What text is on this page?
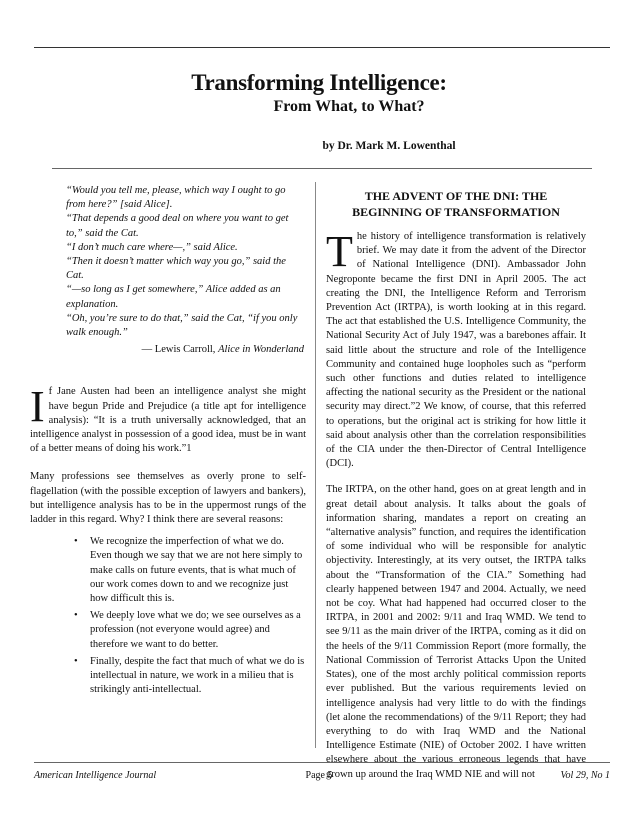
Transforming Intelligence:
From What, to What?
by Dr. Mark M. Lowenthal
“Would you tell me, please, which way I ought to go from here?” [said Alice].
“That depends a good deal on where you want to get to,” said the Cat.
“I don’t much care where—,” said Alice.
“Then it doesn’t matter which way you go,” said the Cat.
“—so long as I get somewhere,” Alice added as an explanation.
“Oh, you’re sure to do that,” said the Cat, “if you only walk enough.”
— Lewis Carroll, Alice in Wonderland

If Jane Austen had been an intelligence analyst she might have begun Pride and Prejudice (a title apt for intelligence analysis): “It is a truth universally acknowledged, that an intelligence analyst in possession of a good idea, must be in want of a better means of doing his work.”1

Many professions see themselves as overly prone to self-flagellation (with the possible exception of lawyers and bankers), but intelligence analysis has to be in the uppermost rungs of the ladder in this regard. Why? I think there are several reasons:

• We recognize the imperfection of what we do. Even though we say that we are not here simply to make calls on future events, that is what much of our work comes down to and we recognize just how difficult this is.
• We deeply love what we do; we see ourselves as a profession (not everyone would agree) and therefore we want to do better.
• Finally, despite the fact that much of what we do is intellectual in nature, we work in a milieu that is strikingly anti-intellectual.
THE ADVENT OF THE DNI: THE
BEGINNING OF TRANSFORMATION

The history of intelligence transformation is relatively brief. We may date it from the advent of the Director of National Intelligence (DNI). Ambassador John Negroponte became the first DNI in April 2005. The act creating the DNI, the Intelligence Reform and Terrorism Prevention Act (IRTPA), is worth looking at in this regard. The act that established the U.S. Intelligence Community, the National Security Act of July 1947, was a barebones affair. It said little about the structure and role of the Intelligence Community and contained huge loopholes such as “perform such other functions and duties related to intelligence affecting the national security as the President or the national security may direct.”2 We know, of course, that this referred to operations, but the original act is striking for how little it said about analysis other than the correlation responsibilities of the CIA under the then-Director of Central Intelligence (DCI).

The IRTPA, on the other hand, goes on at great length and in great detail about analysis. It talks about the goals of information sharing, mandates a report on creating an “alternative analysis” function, and requires the identification of some individual who will be responsible for analytic objectivity. Interestingly, at its very outset, the IRTPA talks about the “Transformation of the CIA.” Something had clearly happened between 1947 and 2004. Actually, we need not be coy. What had happened had occurred closer to the IRTPA, in 2001 and 2002: 9/11 and Iraq WMD. We tend to see 9/11 as the main driver of the IRTPA, coming as it did on the heels of the 9/11 Commission Report (more formally, the National Commission of Terrorist Attacks Upon the United States), one of the most archly political commission reports ever published. But the various requirements levied on intelligence analysis had very little to do with the findings (let alone the recommendations) of the 9/11 Report; they had everything to do with Iraq WMD and the National Intelligence Estimate (NIE) of October 2002. I have written elsewhere about the various erroneous legends that have grown up around the Iraq WMD NIE and will not

American Intelligence Journal	Page 5	Vol 29, No 1
